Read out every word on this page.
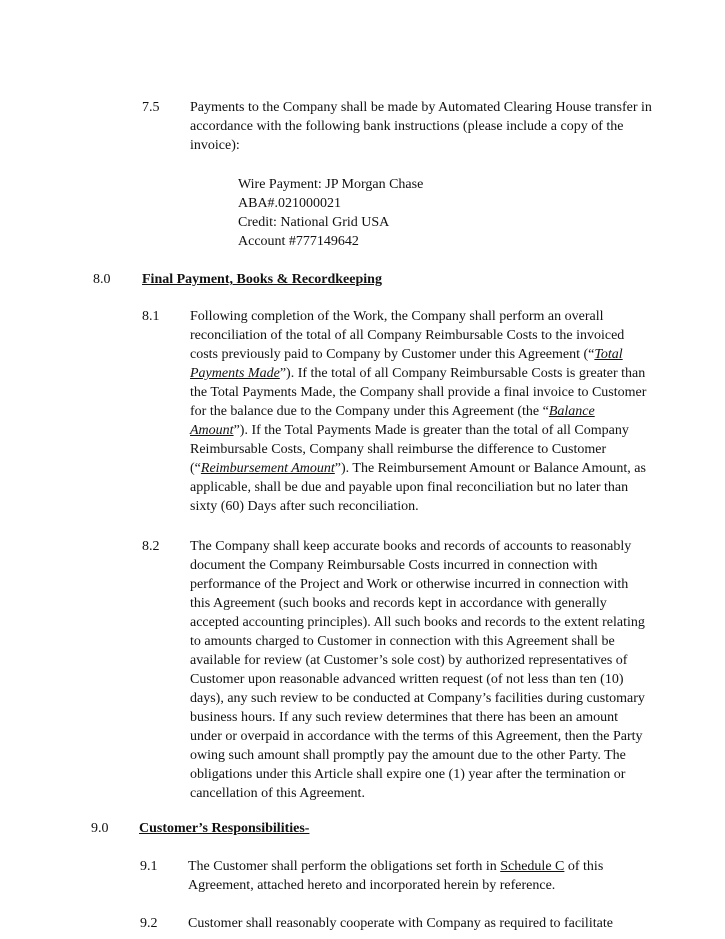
7.5 Payments to the Company shall be made by Automated Clearing House transfer in
accordance with the following bank instructions (please include a copy of the
invoice):
Wire Payment: JP Morgan Chase
ABA#.021000021
Credit: National Grid USA
Account #777149642
8.0 Final Payment, Books & Recordkeeping
8.1 Following completion of the Work, the Company shall perform an overall
reconciliation of the total of all Company Reimbursable Costs to the invoiced
costs previously paid to Company by Customer under this Agreement (“Total
Payments Made”). If the total of all Company Reimbursable Costs is greater than
the Total Payments Made, the Company shall provide a final invoice to Customer
for the balance due to the Company under this Agreement (the “Balance
Amount”). If the Total Payments Made is greater than the total of all Company
Reimbursable Costs, Company shall reimburse the difference to Customer
(“Reimbursement Amount”). The Reimbursement Amount or Balance Amount, as
applicable, shall be due and payable upon final reconciliation but no later than
sixty (60) Days after such reconciliation.
8.2 The Company shall keep accurate books and records of accounts to reasonably
document the Company Reimbursable Costs incurred in connection with
performance of the Project and Work or otherwise incurred in connection with
this Agreement (such books and records kept in accordance with generally
accepted accounting principles). All such books and records to the extent relating
to amounts charged to Customer in connection with this Agreement shall be
available for review (at Customer’s sole cost) by authorized representatives of
Customer upon reasonable advanced written request (of not less than ten (10)
days), any such review to be conducted at Company’s facilities during customary
business hours. If any such review determines that there has been an amount
under or overpaid in accordance with the terms of this Agreement, then the Party
owing such amount shall promptly pay the amount due to the other Party. The
obligations under this Article shall expire one (1) year after the termination or
cancellation of this Agreement.
9.0 Customer’s Responsibilities-
9.1 The Customer shall perform the obligations set forth in Schedule C of this
Agreement, attached hereto and incorporated herein by reference.
9.2 Customer shall reasonably cooperate with Company as required to facilitate
